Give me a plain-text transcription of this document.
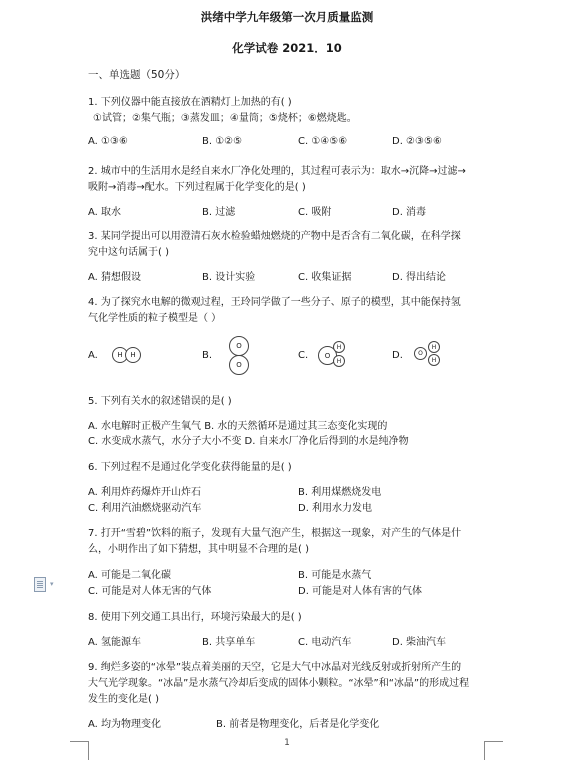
洪绪中学九年级第一次月质量监测
化学试卷 2021．10
一、单选题（50分）
1. 下列仪器中能直接放在酒精灯上加热的有( )
①试管；②集气瓶；③蒸发皿；④量筒；⑤烧杯；⑥燃烧匙。
A. ①③⑥	B. ①②⑤	C. ①④⑤⑥	D. ②③⑤⑥
2. 城市中的生活用水是经自来水厂净化处理的，其过程可表示为：取水→沉降→过滤→
吸附→消毒→配水。下列过程属于化学变化的是( )
A. 取水	B. 过滤	C. 吸附	D. 消毒
3. 某同学提出可以用澄清石灰水检验蜡烛燃烧的产物中是否含有二氧化碳，在科学探
究中这句话属于( )
A. 猜想假设	B. 设计实验	C. 收集证据	D. 得出结论
4. 为了探究水电解的微观过程，王玲同学做了一些分子、原子的模型，其中能保持氢
气化学性质的粒子模型是（ ）
A.	H	H	B.
O
O
C.	O
H
H	D.	O
H
H
5. 下列有关水的叙述错误的是( )
A. 水电解时正极产生氧气 B. 水的天然循环是通过其三态变化实现的
C. 水变成水蒸气，水分子大小不变 D. 自来水厂净化后得到的水是纯净物
6. 下列过程不是通过化学变化获得能量的是( )
A. 利用炸药爆炸开山炸石	B. 利用煤燃烧发电
C. 利用汽油燃烧驱动汽车	D. 利用水力发电
7. 打开“雪碧”饮料的瓶子，发现有大量气泡产生，根据这一现象，对产生的气体是什
么，小明作出了如下猜想，其中明显不合理的是( )
A. 可能是二氧化碳	B. 可能是水蒸气
C. 可能是对人体无害的气体	D. 可能是对人体有害的气体
8. 使用下列交通工具出行，环境污染最大的是( )
A. 氢能源车	B. 共享单车	C. 电动汽车	D. 柴油汽车
9. 绚烂多姿的“冰晕”装点着美丽的天空，它是大气中冰晶对光线反射或折射所产生的
大气光学现象。“冰晶”是水蒸气冷却后变成的固体小颗粒。“冰晕”和“冰晶”的形成过程
发生的变化是( )
A. 均为物理变化	B. 前者是物理变化，后者是化学变化
▾
1
